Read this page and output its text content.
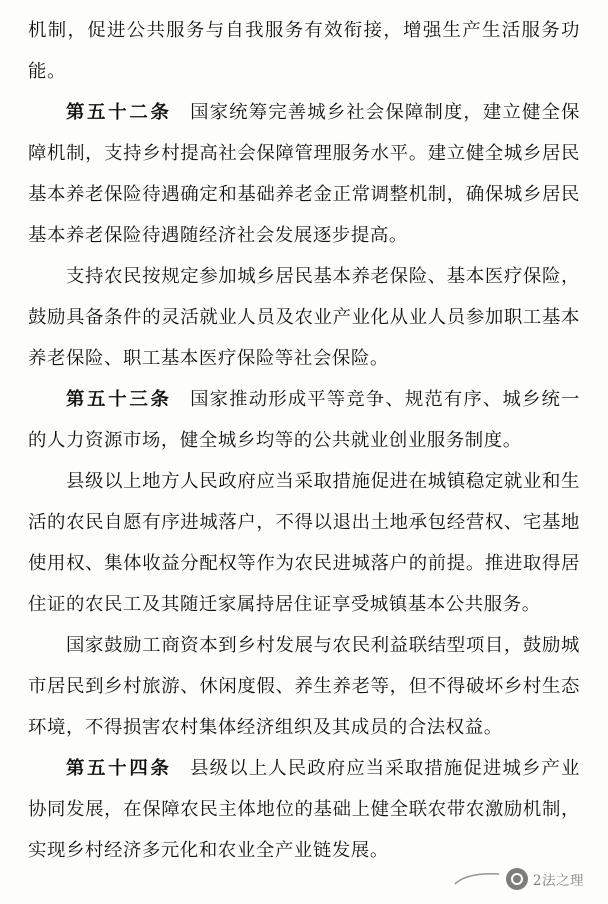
机制，促进公共服务与自我服务有效衔接，增强生产生活服务功能。

第五十二条 国家统筹完善城乡社会保障制度，建立健全保障机制，支持乡村提高社会保障管理服务水平。建立健全城乡居民基本养老保险待遇确定和基础养老金正常调整机制，确保城乡居民基本养老保险待遇随经济社会发展逐步提高。

支持农民按规定参加城乡居民基本养老保险、基本医疗保险，鼓励具备条件的灵活就业人员及农业产业化从业人员参加职工基本养老保险、职工基本医疗保险等社会保险。

第五十三条 国家推动形成平等竞争、规范有序、城乡统一的人力资源市场，健全城乡均等的公共就业创业服务制度。

县级以上地方人民政府应当采取措施促进在城镇稳定就业和生活的农民自愿有序进城落户，不得以退出土地承包经营权、宅基地使用权、集体收益分配权等作为农民进城落户的前提。推进取得居住证的农民工及其随迁家属持居住证享受城镇基本公共服务。

国家鼓励工商资本到乡村发展与农民利益联结型项目，鼓励城市居民到乡村旅游、休闲度假、养生养老等，但不得破坏乡村生态环境，不得损害农村集体经济组织及其成员的合法权益。

第五十四条 县级以上人民政府应当采取措施促进城乡产业协同发展，在保障农民主体地位的基础上健全联农带农激励机制，实现乡村经济多元化和农业全产业链发展。

2法之理
